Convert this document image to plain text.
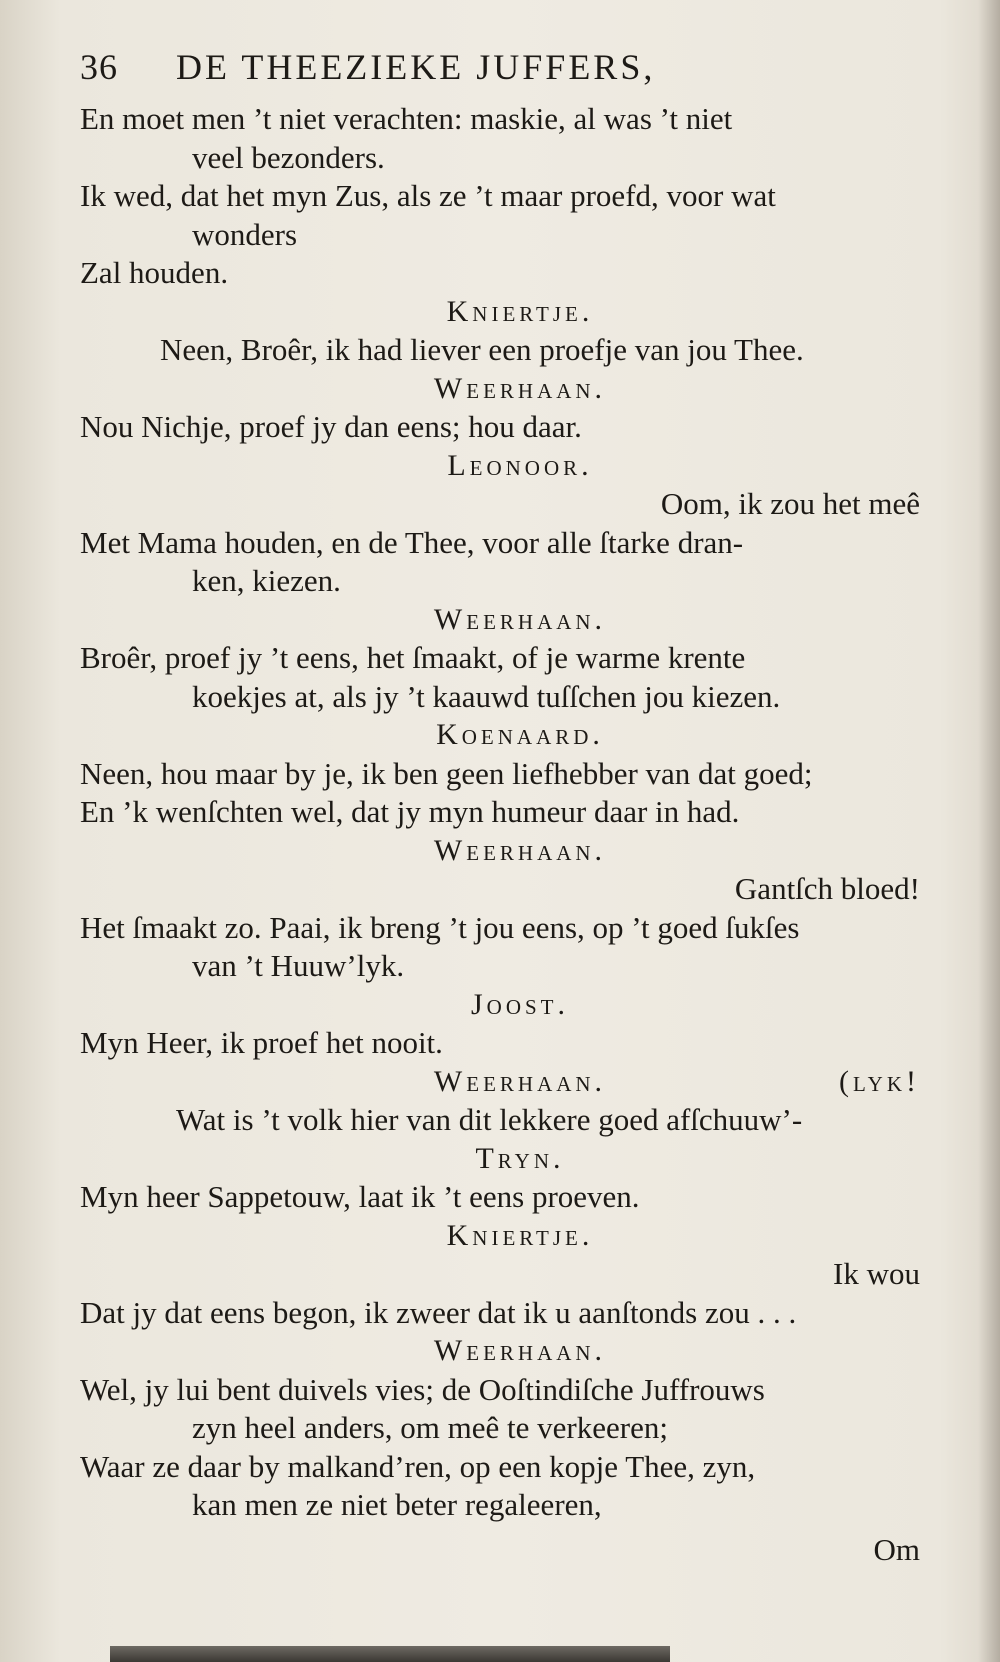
36 DE THEEZIEKE JUFFERS,
En moet men ’t niet verachten: maskie, al was ’t niet
veel bezonders.
Ik wed, dat het myn Zus, als ze ’t maar proefd, voor wat
wonders
Zal houden.
Kniertje.
Neen, Broêr, ik had liever een proefje van jou Thee.
Weerhaan.
Nou Nichje, proef jy dan eens; hou daar.
Leonoor.
Oom, ik zou het meê
Met Mama houden, en de Thee, voor alle ſtarke dran-
ken, kiezen.
Weerhaan.
Broêr, proef jy ’t eens, het ſmaakt, of je warme krente
koekjes at, als jy ’t kaauwd tuſſchen jou kiezen.
Koenaard.
Neen, hou maar by je, ik ben geen liefhebber van dat goed;
En ’k wenſchten wel, dat jy myn humeur daar in had.
Weerhaan.
Gantſch bloed!
Het ſmaakt zo. Paai, ik breng ’t jou eens, op ’t goed ſukſes
van ’t Huuw’lyk.
Joost.
Myn Heer, ik proef het nooit.
Weerhaan.	(lyk!
Wat is ’t volk hier van dit lekkere goed afſchuuw’-
Tryn.
Myn heer Sappetouw, laat ik ’t eens proeven.
Kniertje.
Ik wou
Dat jy dat eens begon, ik zweer dat ik u aanſtonds zou . . .
Weerhaan.
Wel, jy lui bent duivels vies; de Ooſtindiſche Juffrouws
zyn heel anders, om meê te verkeeren;
Waar ze daar by malkand’ren, op een kopje Thee, zyn,
kan men ze niet beter regaleeren,
Om
